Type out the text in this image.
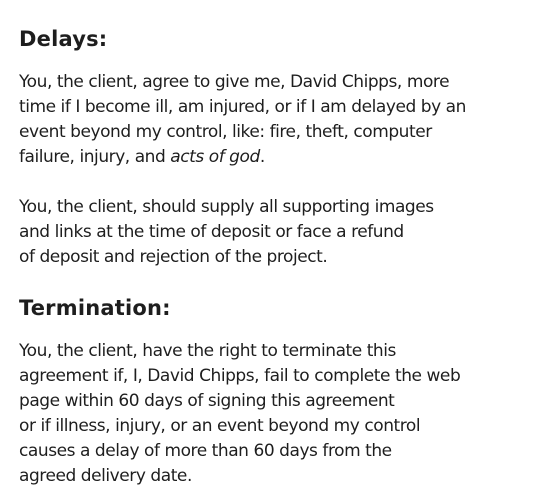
Delays:

You, the client, agree to give me, David Chipps, more
time if I become ill, am injured, or if I am delayed by an
event beyond my control, like: fire, theft, computer
failure, injury, and acts of god.

You, the client, should supply all supporting images
and links at the time of deposit or face a refund
of deposit and rejection of the project.

Termination:

You, the client, have the right to terminate this
agreement if, I, David Chipps, fail to complete the web
page within 60 days of signing this agreement
or if illness, injury, or an event beyond my control
causes a delay of more than 60 days from the
agreed delivery date.
